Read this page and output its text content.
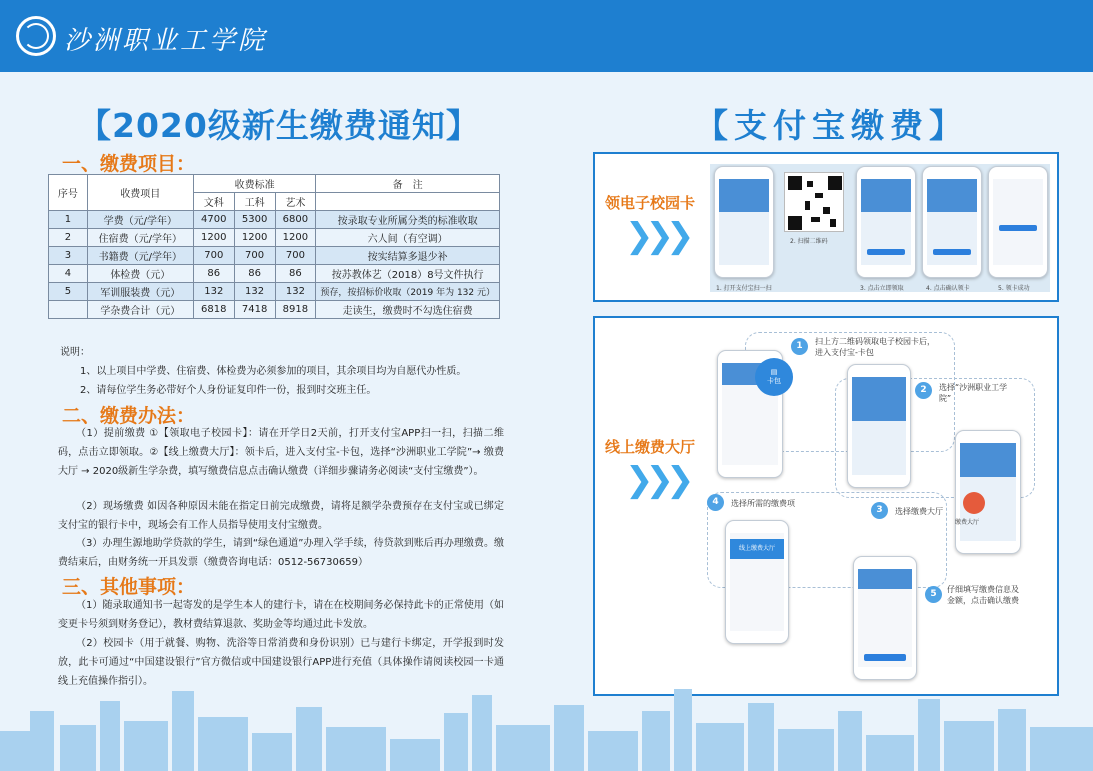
沙洲职业工学院
【2020级新生缴费通知】
一、缴费项目：
序号	收费项目	收费标准			备　注
		文科	工科	艺术	
1	学费（元/学年）	4700	5300	6800	按录取专业所属分类的标准收取
2	住宿费（元/学年）	1200	1200	1200	六人间（有空调）
3	书籍费（元/学年）	700	700	700	按实结算多退少补
4	体检费（元）	86	86	86	按苏教体艺（2018）8号文件执行
5	军训服装费（元）	132	132	132	预存，按招标价收取（2019 年为 132 元）
	学杂费合计（元）	6818	7418	8918	走读生，缴费时不勾选住宿费
说明：
1、以上项目中学费、住宿费、体检费为必须参加的项目，其余项目均为自愿代办性质。
2、请每位学生务必带好个人身份证复印件一份，报到时交班主任。
二、缴费办法：
（1）提前缴费 ①【领取电子校园卡】：请在开学日2天前，打开支付宝APP扫一扫，扫描二维码，点击立即领取。②【线上缴费大厅】：领卡后，进入支付宝-卡包，选择“沙洲职业工学院”→ 缴费大厅 → 2020级新生学杂费，填写缴费信息点击确认缴费（详细步骤请务必阅读“支付宝缴费”）。
（2）现场缴费 如因各种原因未能在指定日前完成缴费，请将足额学杂费预存在支付宝或已绑定支付宝的银行卡中，现场会有工作人员指导使用支付宝缴费。
（3）办理生源地助学贷款的学生，请到“绿色通道”办理入学手续，待贷款到账后再办理缴费。缴费结束后，由财务统一开具发票（缴费咨询电话：0512-56730659）
三、其他事项：
（1）随录取通知书一起寄发的是学生本人的建行卡，请在在校期间务必保持此卡的正常使用（如变更卡号须到财务登记），教材费结算退款、奖助金等均通过此卡发放。
（2）校园卡（用于就餐、购物、洗浴等日常消费和身份识别）已与建行卡绑定，开学报到时发放，此卡可通过“中国建设银行”官方微信或中国建设银行APP进行充值（具体操作请阅读校园一卡通线上充值操作指引）。
【支付宝缴费】
领电子校园卡
❯❯❯
1. 打开支付宝扫一扫
2. 扫描二维码
3. 点击立即领取	4. 点击确认领卡	5. 领卡成功
线上缴费大厅
❯❯❯
▤
卡包
缴费大厅
线上缴费大厅
1	扫上方二维码领取电子校园卡后，进入支付宝-卡包
2	选择“沙洲职业工学院”
3	选择缴费大厅
4	选择所需的缴费项
5	仔细填写缴费信息及金额，点击确认缴费
